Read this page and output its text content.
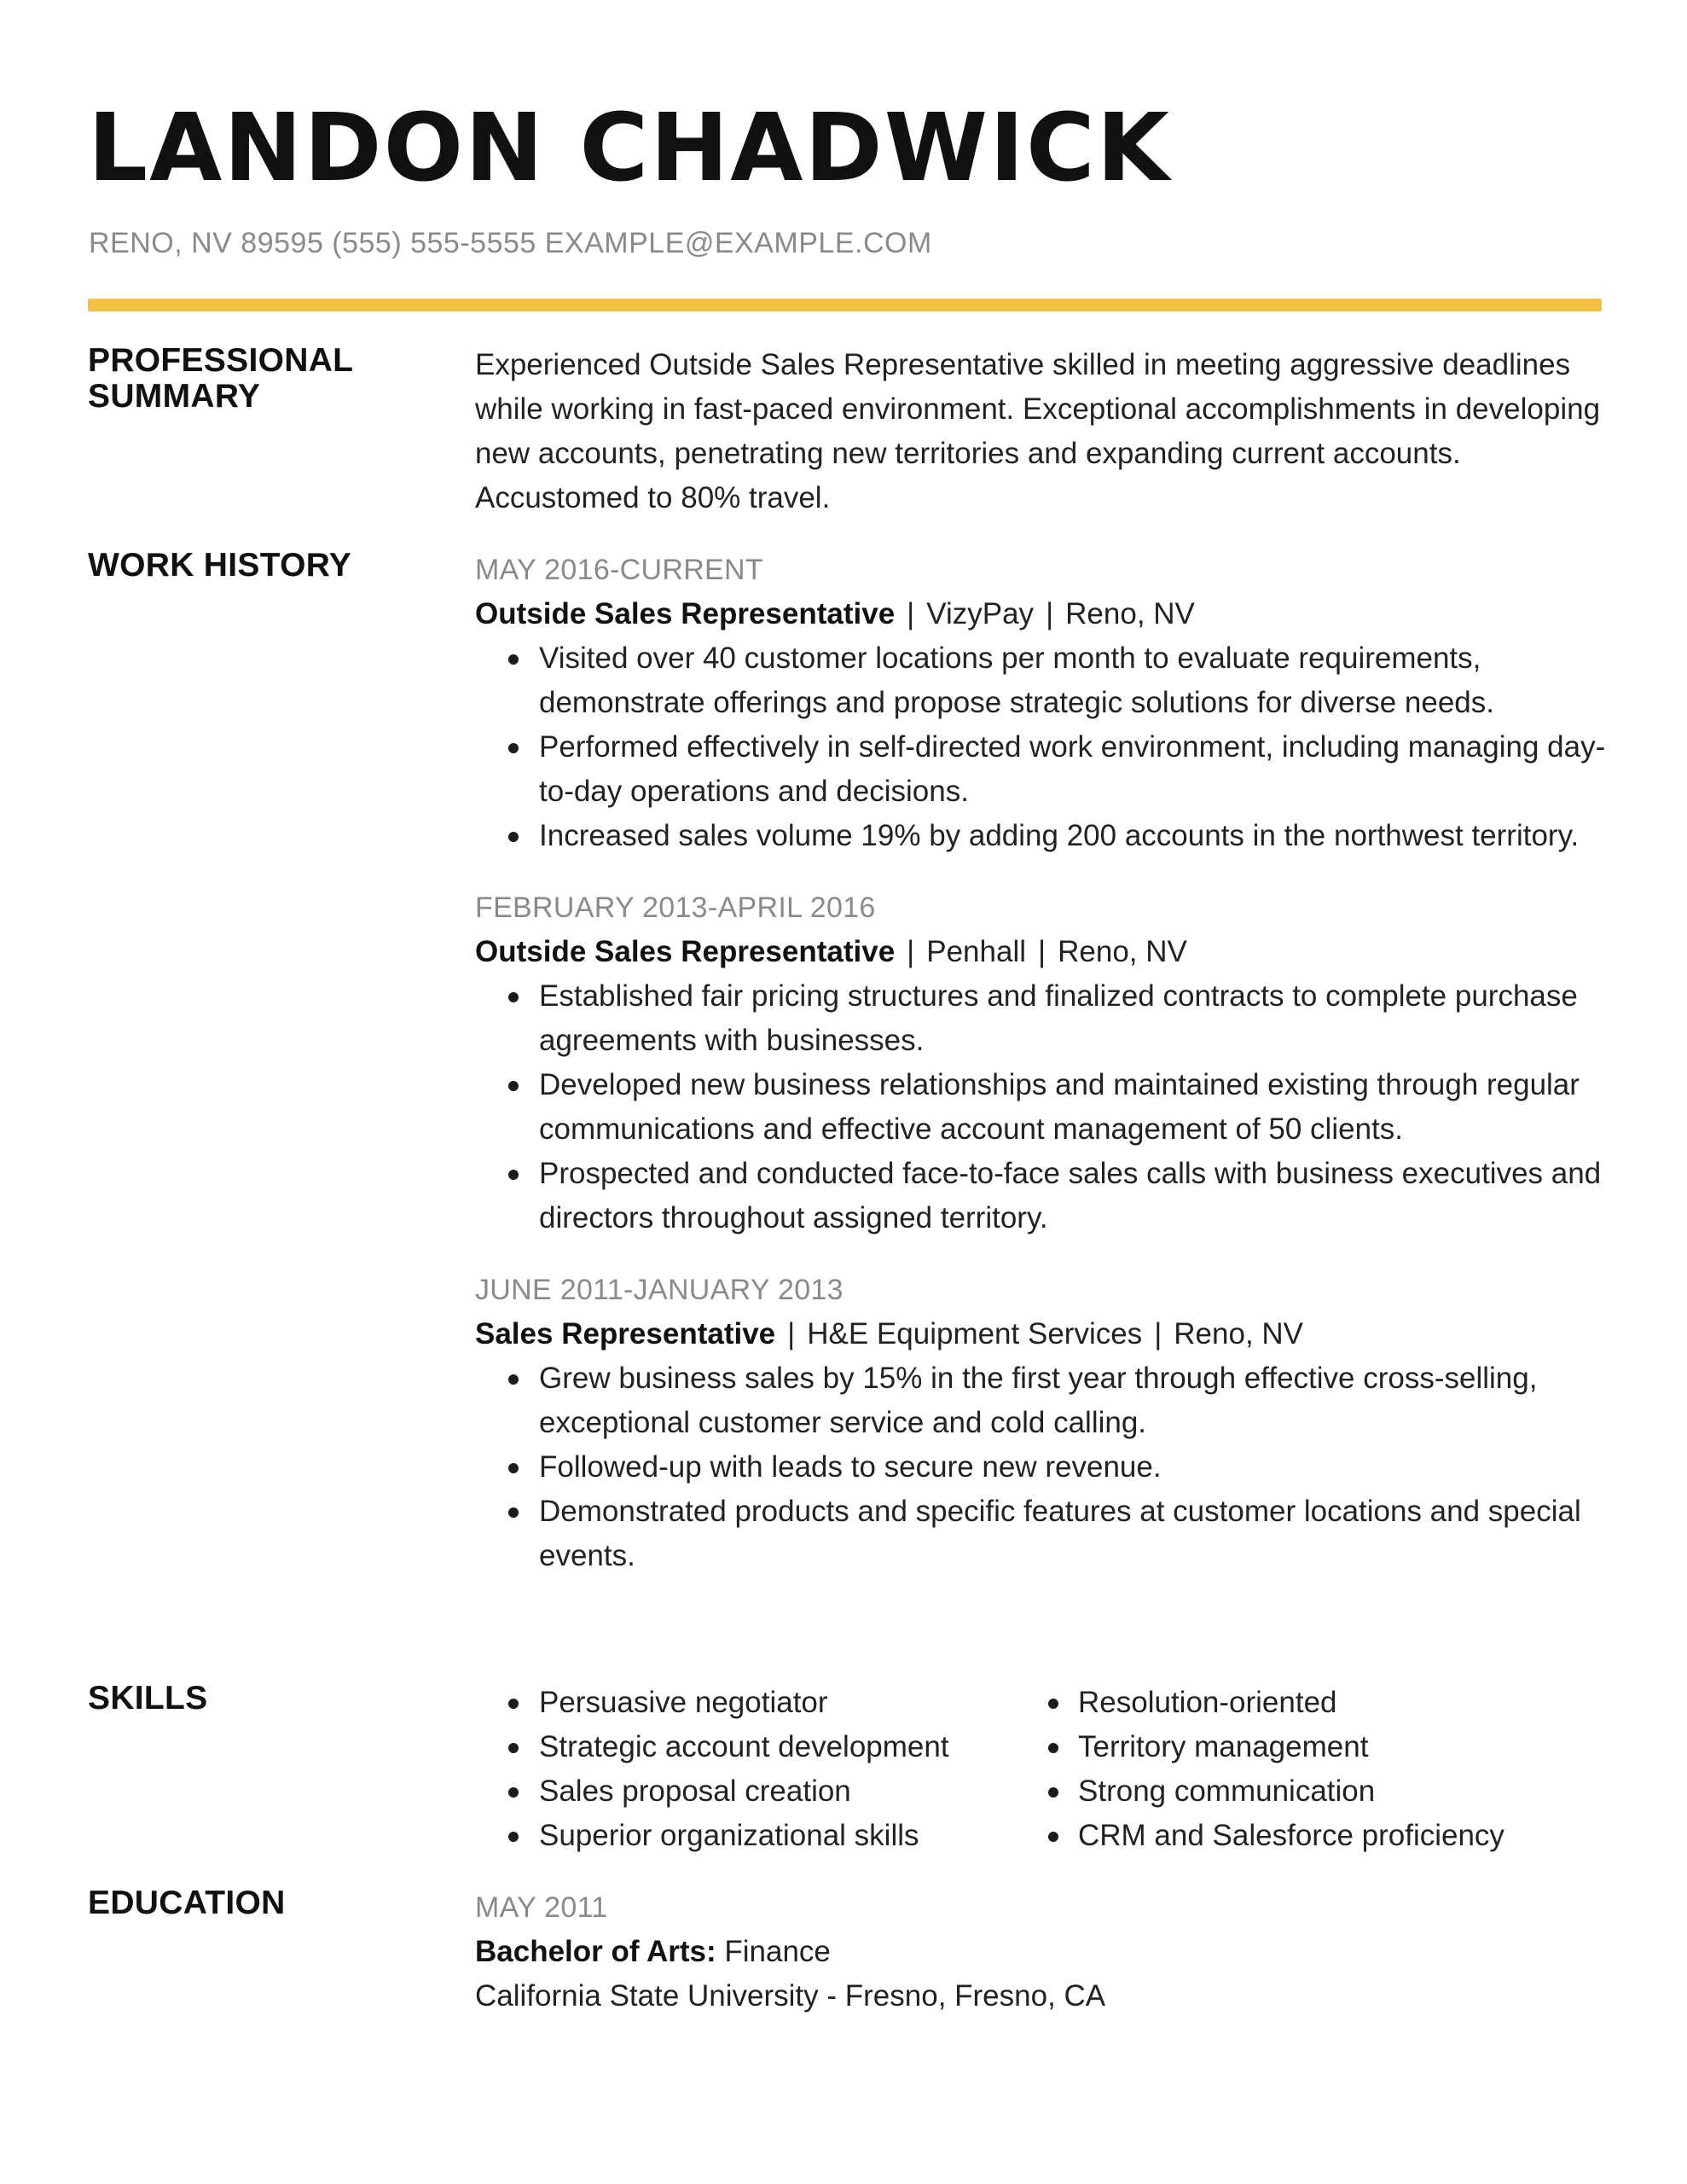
LANDON CHADWICK
RENO, NV 89595 (555) 555-5555 EXAMPLE@EXAMPLE.COM
PROFESSIONAL
SUMMARY

Experienced Outside Sales Representative skilled in meeting aggressive deadlines while working in fast-paced environment. Exceptional accomplishments in developing new accounts, penetrating new territories and expanding current accounts. Accustomed to 80% travel.

WORK HISTORY	MAY 2016-CURRENT
Outside Sales Representative | VizyPay | Reno, NV
Visited over 40 customer locations per month to evaluate requirements, demonstrate offerings and propose strategic solutions for diverse needs.
Performed effectively in self-directed work environment, including managing day-to-day operations and decisions.
Increased sales volume 19% by adding 200 accounts in the northwest territory.
FEBRUARY 2013-APRIL 2016
Outside Sales Representative | Penhall | Reno, NV
Established fair pricing structures and finalized contracts to complete purchase agreements with businesses.
Developed new business relationships and maintained existing through regular communications and effective account management of 50 clients.
Prospected and conducted face-to-face sales calls with business executives and directors throughout assigned territory.
JUNE 2011-JANUARY 2013
Sales Representative | H&E Equipment Services | Reno, NV
Grew business sales by 15% in the first year through effective cross-selling, exceptional customer service and cold calling.
Followed-up with leads to secure new revenue.
Demonstrated products and specific features at customer locations and special events.
SKILLS	Persuasive negotiator
Strategic account development
Sales proposal creation
Superior organizational skills
Resolution-oriented
Territory management
Strong communication
CRM and Salesforce proficiency
EDUCATION	MAY 2011

Bachelor of Arts: Finance

California State University - Fresno, Fresno, CA
